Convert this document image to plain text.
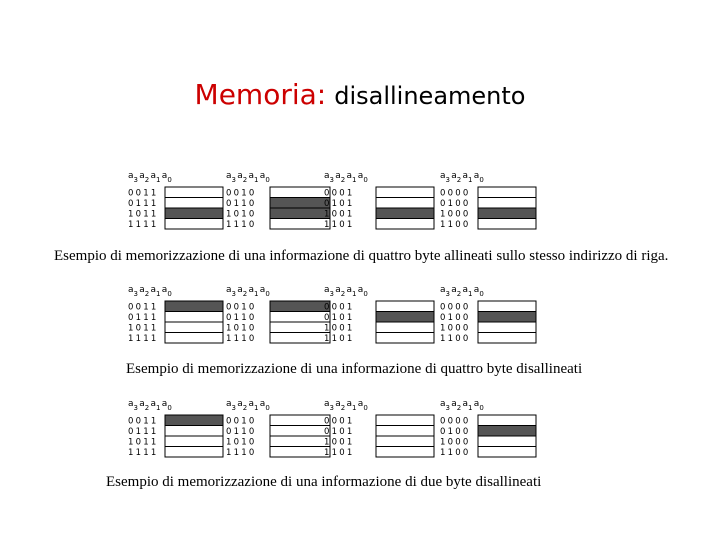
Memoria: disallineamento
$a_3$ $a_2$ $a_1$ $a_0$
0011
0111
1011
1111
$a_3$ $a_2$ $a_1$ $a_0$
0010
0110
1010
1110
$a_3$ $a_2$ $a_1$ $a_0$
0001
0101
1001
1101
$a_3$ $a_2$ $a_1$ $a_0$
0000
0100
1000
1100
Esempio di memorizzazione di una informazione di quattro byte allineati sullo stesso indirizzo di riga.
$a_3$ $a_2$ $a_1$ $a_0$
0011
0111
1011
1111
$a_3$ $a_2$ $a_1$ $a_0$
0010
0110
1010
1110
$a_3$ $a_2$ $a_1$ $a_0$
0001
0101
1001
1101
$a_3$ $a_2$ $a_1$ $a_0$
0000
0100
1000
1100
Esempio di memorizzazione di una informazione di quattro byte disallineati
$a_3$ $a_2$ $a_1$ $a_0$
0011
0111
1011
1111
$a_3$ $a_2$ $a_1$ $a_0$
0010
0110
1010
1110
$a_3$ $a_2$ $a_1$ $a_0$
0001
0101
1001
1101
$a_3$ $a_2$ $a_1$ $a_0$
0000
0100
1000
1100
Esempio di memorizzazione di una informazione di due byte disallineati
